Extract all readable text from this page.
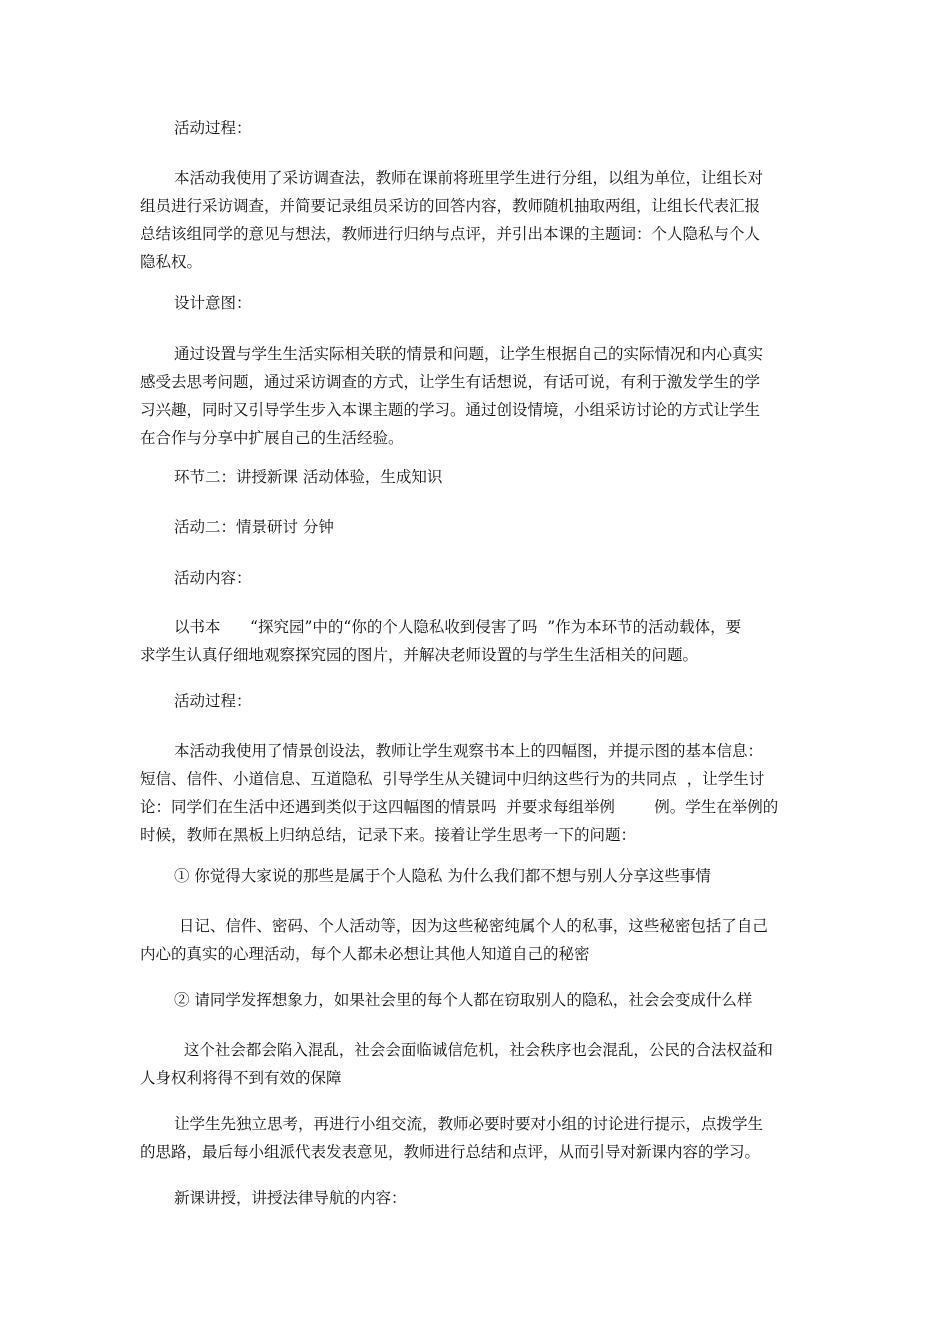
活动过程：

本活动我使用了采访调查法，教师在课前将班里学生进行分组，以组为单位，让组长对
组员进行采访调查，并简要记录组员采访的回答内容，教师随机抽取两组，让组长代表汇报
总结该组同学的意见与想法，教师进行归纳与点评，并引出本课的主题词：个人隐私与个人
隐私权。

设计意图：

通过设置与学生生活实际相关联的情景和问题，让学生根据自己的实际情况和内心真实
感受去思考问题，通过采访调查的方式，让学生有话想说，有话可说，有利于激发学生的学
习兴趣，同时又引导学生步入本课主题的学习。通过创设情境，小组采访讨论的方式让学生
在合作与分享中扩展自己的生活经验。

环节二：讲授新课 活动体验，生成知识

活动二：情景研讨 分钟

活动内容：

以书本      “探究园”中的“你的个人隐私收到侵害了吗  ”作为本环节的活动载体，要
求学生认真仔细地观察探究园的图片，并解决老师设置的与学生生活相关的问题。

活动过程：

本活动我使用了情景创设法，教师让学生观察书本上的四幅图，并提示图的基本信息：
短信、信件、小道信息、互道隐私  引导学生从关键词中归纳这些行为的共同点  ，让学生讨
论：同学们在生活中还遇到类似于这四幅图的情景吗  并要求每组举例        例。学生在举例的
时候，教师在黑板上归纳总结，记录下来。接着让学生思考一下的问题：

① 你觉得大家说的那些是属于个人隐私 为什么我们都不想与别人分享这些事情

日记、信件、密码、个人活动等，因为这些秘密纯属个人的私事，这些秘密包括了自己
内心的真实的心理活动，每个人都未必想让其他人知道自己的秘密

② 请同学发挥想象力，如果社会里的每个人都在窃取别人的隐私，社会会变成什么样

这个社会都会陷入混乱，社会会面临诚信危机，社会秩序也会混乱，公民的合法权益和
人身权利将得不到有效的保障
让学生先独立思考，再进行小组交流，教师必要时要对小组的讨论进行提示，点拨学生
的思路，最后每小组派代表发表意见，教师进行总结和点评，从而引导对新课内容的学习。

新课讲授，讲授法律导航的内容：
